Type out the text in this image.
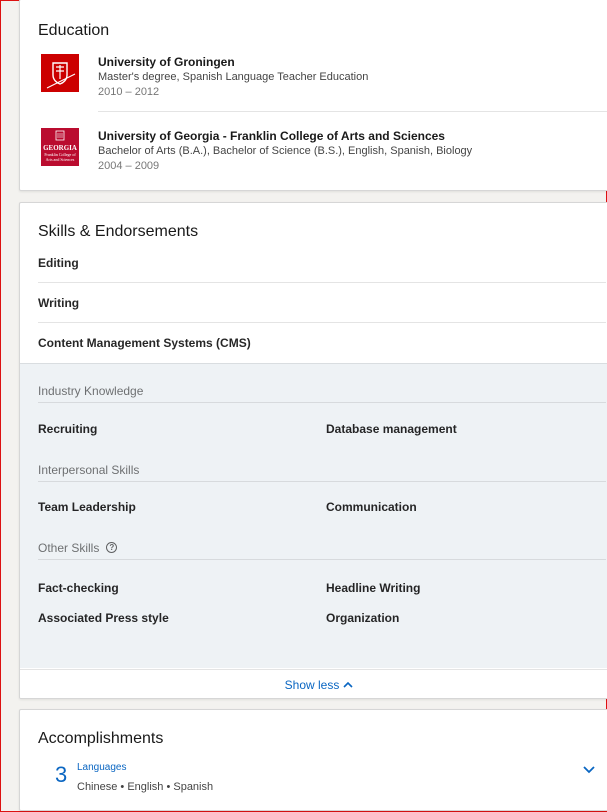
Education
University of Groningen
Master's degree, Spanish Language Teacher Education
2010 – 2012
GEORGIA
Franklin College of Arts and Sciences
University of Georgia - Franklin College of Arts and Sciences
Bachelor of Arts (B.A.), Bachelor of Science (B.S.), English, Spanish, Biology
2004 – 2009
Skills & Endorsements
Editing
Writing
Content Management Systems (CMS)
Industry Knowledge
Recruiting	Database management
Interpersonal Skills
Team Leadership	Communication
Other Skills	?
Fact-checking	Headline Writing
Associated Press style	Organization
Show less
Accomplishments
3 Languages
Chinese • English • Spanish
